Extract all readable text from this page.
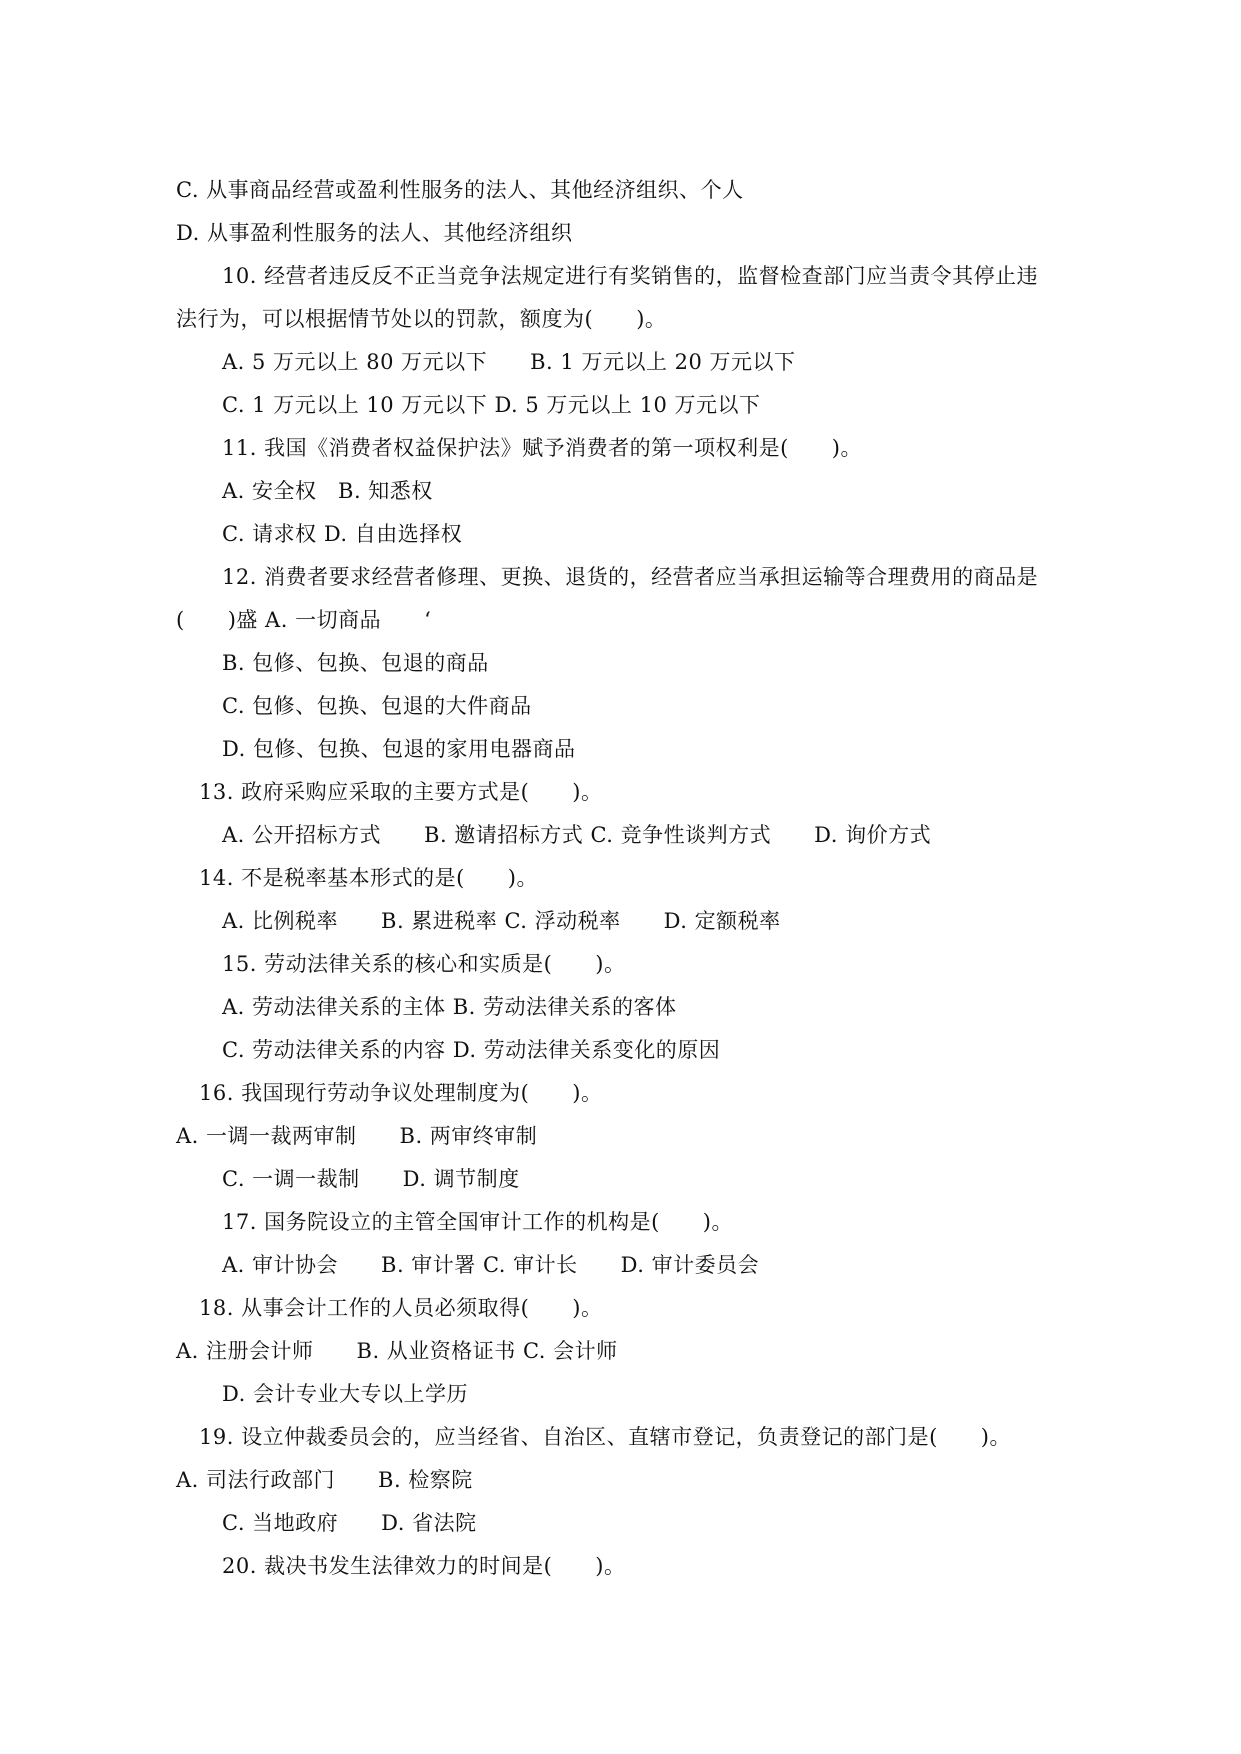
C. 从事商品经营或盈利性服务的法人、其他经济组织、个人
D. 从事盈利性服务的法人、其他经济组织
10. 经营者违反反不正当竞争法规定进行有奖销售的，监督检查部门应当责令其停止违
法行为，可以根据情节处以的罚款，额度为(　　)。
A. 5 万元以上 80 万元以下　　B. 1 万元以上 20 万元以下
C. 1 万元以上 10 万元以下 D. 5 万元以上 10 万元以下
11. 我国《消费者权益保护法》赋予消费者的第一项权利是(　　)。
A. 安全权　B. 知悉权
C. 请求权 D. 自由选择权
12. 消费者要求经营者修理、更换、退货的，经营者应当承担运输等合理费用的商品是
(　　)盛 A. 一切商品　　‘
B. 包修、包换、包退的商品
C. 包修、包换、包退的大件商品
D. 包修、包换、包退的家用电器商品
13. 政府采购应采取的主要方式是(　　)。
A. 公开招标方式　　B. 邀请招标方式 C. 竞争性谈判方式　　D. 询价方式
14. 不是税率基本形式的是(　　)。
A. 比例税率　　B. 累进税率 C. 浮动税率　　D. 定额税率
15. 劳动法律关系的核心和实质是(　　)。
A. 劳动法律关系的主体 B. 劳动法律关系的客体
C. 劳动法律关系的内容 D. 劳动法律关系变化的原因
16. 我国现行劳动争议处理制度为(　　)。
A. 一调一裁两审制　　B. 两审终审制
C. 一调一裁制　　D. 调节制度
17. 国务院设立的主管全国审计工作的机构是(　　)。
A. 审计协会　　B. 审计署 C. 审计长　　D. 审计委员会
18. 从事会计工作的人员必须取得(　　)。
A. 注册会计师　　B. 从业资格证书 C. 会计师
D. 会计专业大专以上学历
19. 设立仲裁委员会的，应当经省、自治区、直辖市登记，负责登记的部门是(　　)。
A. 司法行政部门　　B. 检察院
C. 当地政府　　D. 省法院
20. 裁决书发生法律效力的时间是(　　)。
